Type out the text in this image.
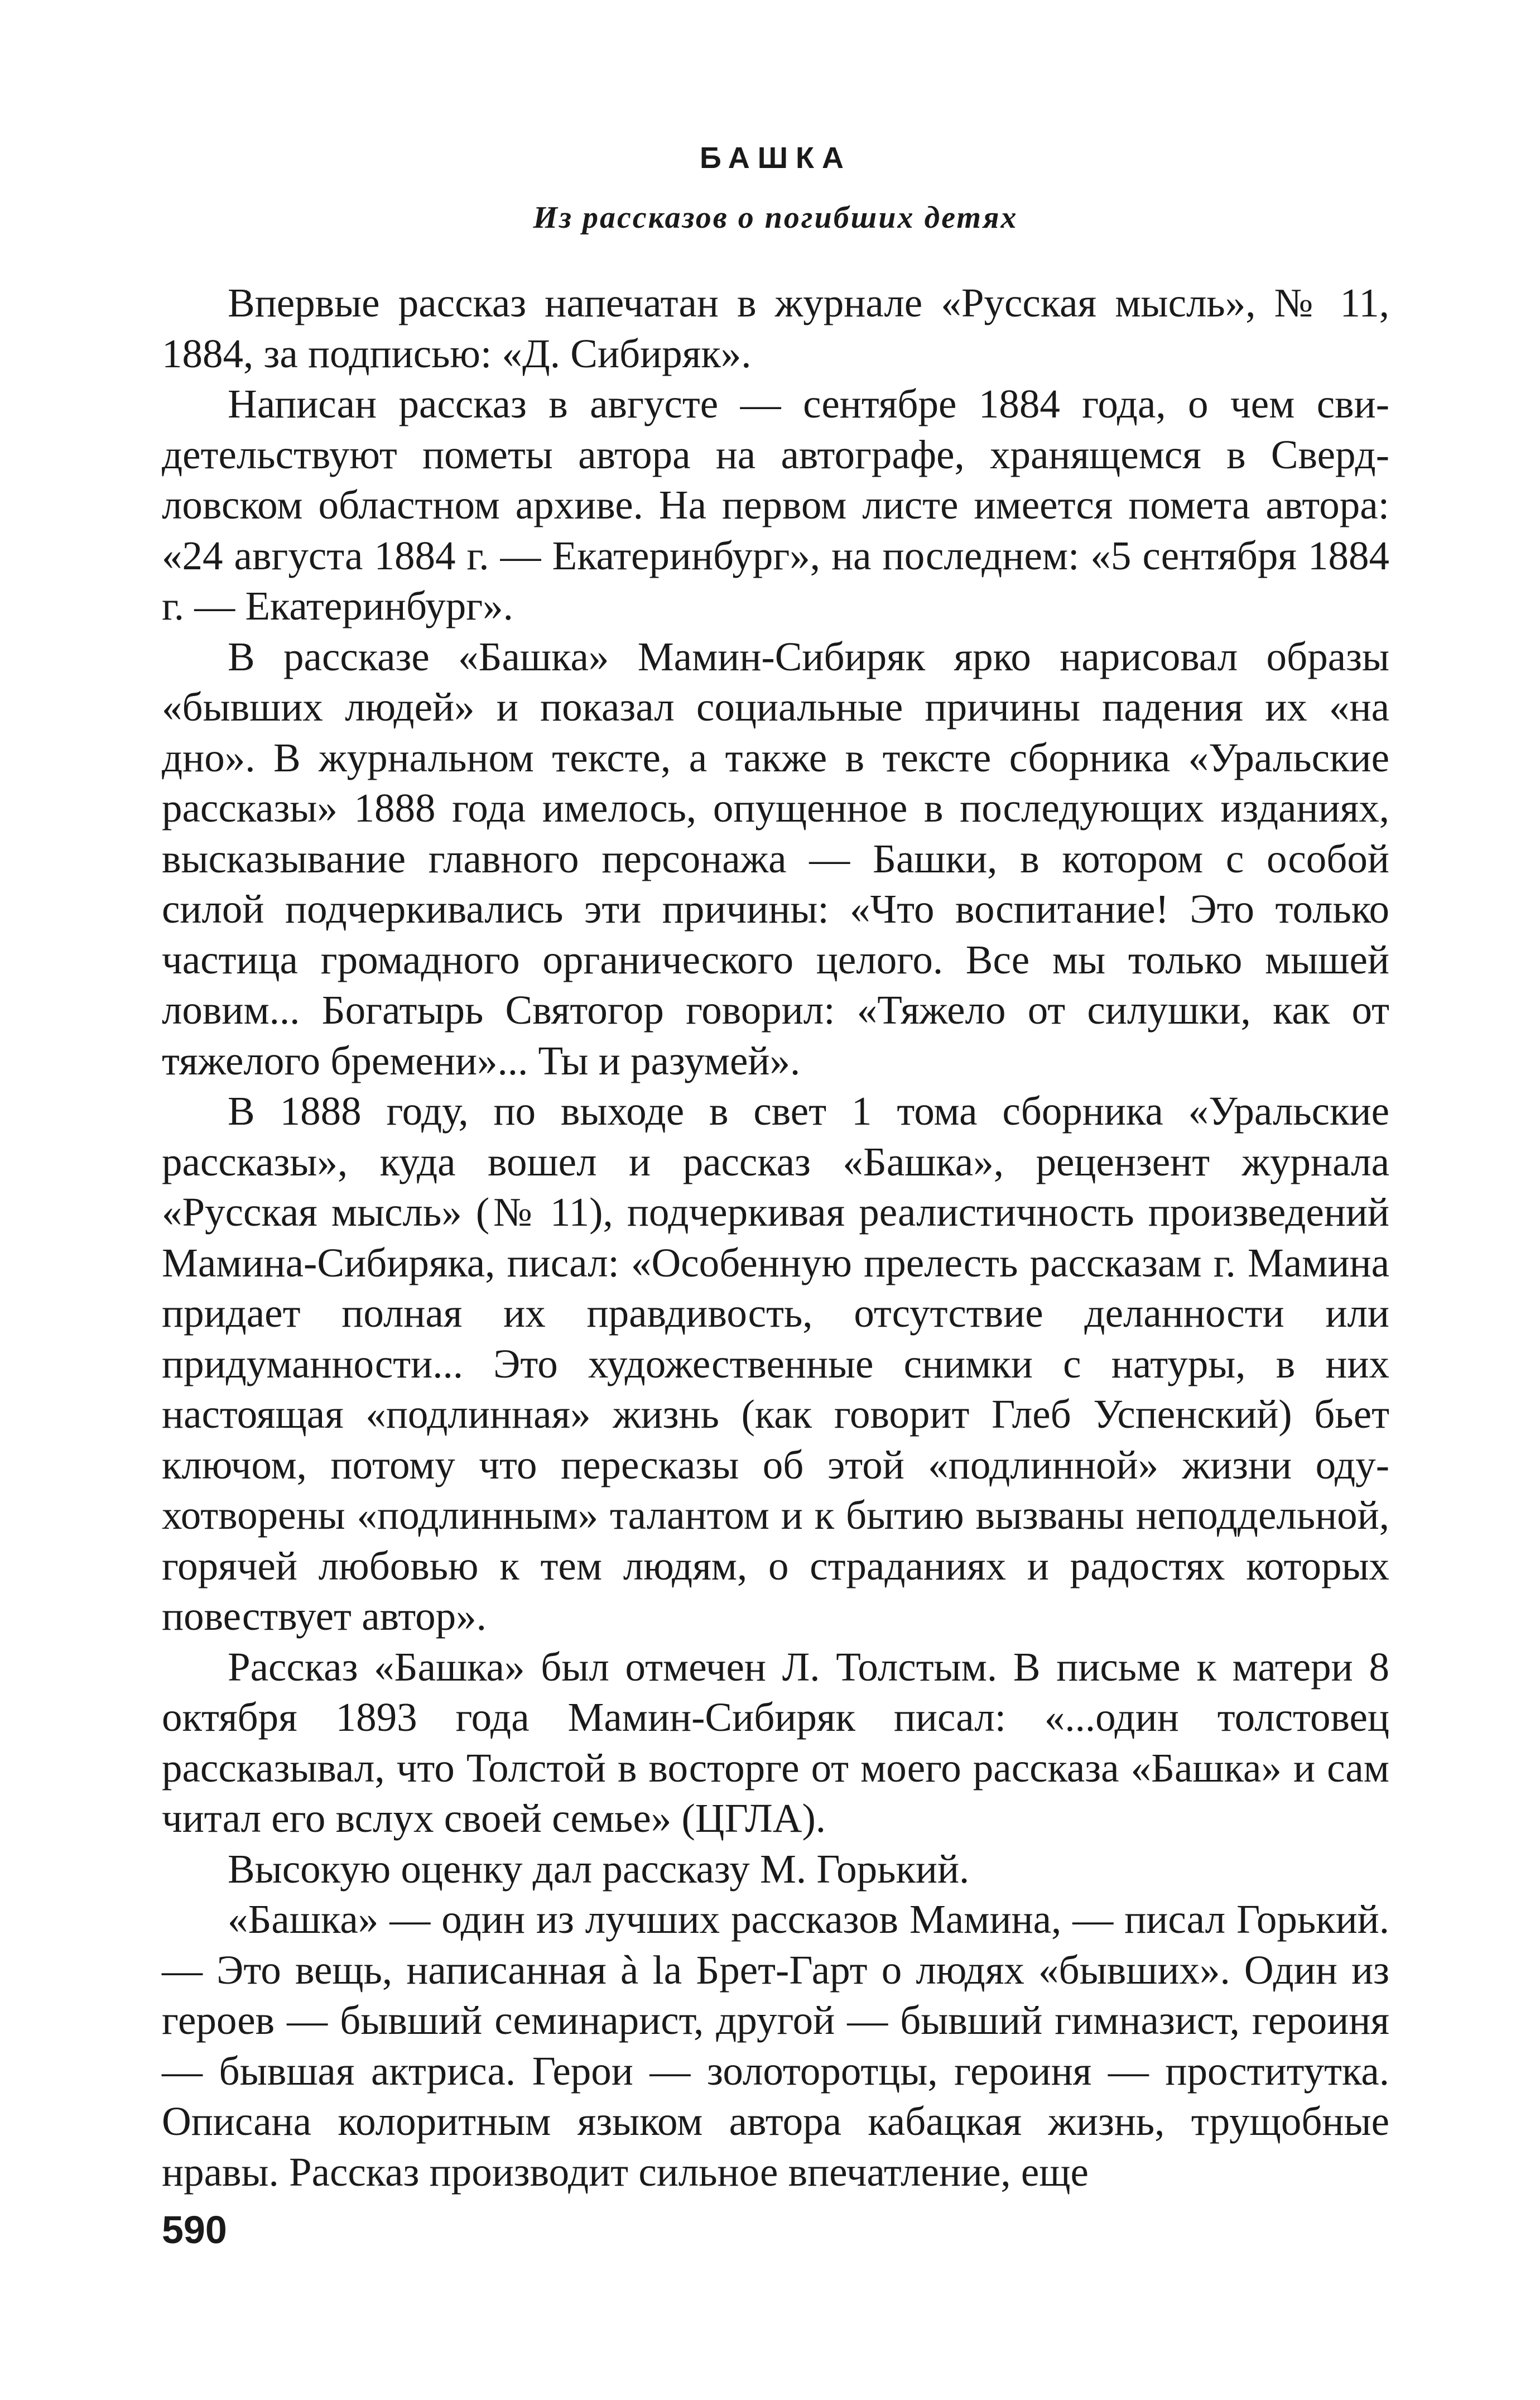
БАШКА
Из рассказов о погибших детях

Впервые рассказ напечатан в журнале «Русская мысль», № 11, 1884, за подписью: «Д. Сибиряк».

Написан рассказ в августе — сентябре 1884 года, о чем свидетельствуют пометы автора на автографе, хранящемся в Свердловском областном архиве. На первом листе имеется помета автора: «24 августа 1884 г. — Екатеринбург», на последнем: «5 сентября 1884 г. — Екатеринбург».

В рассказе «Башка» Мамин-Сибиряк ярко нарисовал образы «бывших людей» и показал социальные причины падения их «на дно». В журнальном тексте, а также в тексте сборника «Уральские рассказы» 1888 года имелось, опущенное в последующих изданиях, высказывание главного персонажа — Башки, в котором с особой силой подчеркивались эти причины: «Что воспитание! Это только частица громадного органического целого. Все мы только мышей ловим... Богатырь Святогор говорил: «Тяжело от силушки, как от тяжелого бремени»... Ты и разумей».

В 1888 году, по выходе в свет 1 тома сборника «Уральские рассказы», куда вошел и рассказ «Башка», рецензент журнала «Русская мысль» (№ 11), подчеркивая реалистичность произведений Мамина-Сибиряка, писал: «Особенную прелесть рассказам г. Мамина придает полная их правдивость, отсутствие деланности или придуманности... Это художественные снимки с натуры, в них настоящая «подлинная» жизнь (как говорит Глеб Успенский) бьет ключом, потому что пересказы об этой «подлинной» жизни одухотворены «подлинным» талантом и к бытию вызваны неподдельной, горячей любовью к тем людям, о страданиях и радостях которых повествует автор».

Рассказ «Башка» был отмечен Л. Толстым. В письме к матери 8 октября 1893 года Мамин-Сибиряк писал: «...один толстовец рассказывал, что Толстой в восторге от моего рассказа «Башка» и сам читал его вслух своей семье» (ЦГЛА).

Высокую оценку дал рассказу М. Горький.

«Башка» — один из лучших рассказов Мамина, — писал Горький. — Это вещь, написанная à la Брет-Гарт о людях «бывших». Один из героев — бывший семинарист, другой — бывший гимназист, героиня — бывшая актриса. Герои — золоторотцы, героиня — проститутка. Описана колоритным языком автора кабацкая жизнь, трущобные нравы. Рассказ производит сильное впечатление, еще

590
